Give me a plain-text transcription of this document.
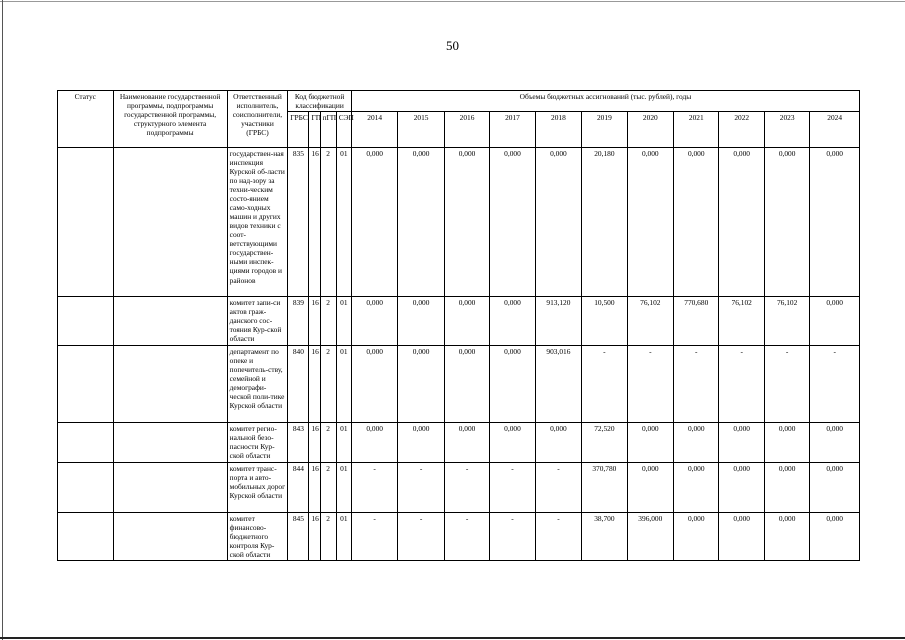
50
Статус	Наименование государственной программы, подпрограммы государственной программы, структурного элемента подпрограммы	Ответственный исполнитель, соисполнители, участники (ГРБС)	Код бюджетной классификации				Объемы бюджетных ассигнований (тыс. рублей), годы										
			ГРБС	ГП	пГП	СЭП	2014	2015	2016	2017	2018	2019	2020	2021	2022	2023	2024
		государствен-ная инспекция Курской об-ласти по над-зору за техни-ческим состо-янием само-ходных машин и других видов техники с соот-ветствующими государствен-ными инспек-циями городов и районов	835	16	2	01	0,000	0,000	0,000	0,000	0,000	20,180	0,000	0,000	0,000	0,000	0,000
		комитет запи-си актов граж-данского сос-тояния Кур-ской области	839	16	2	01	0,000	0,000	0,000	0,000	913,120	10,500	76,102	770,680	76,102	76,102	0,000
		департамент по опеке и попечитель-ству, семейной и демографи-ческой поли-тике Курской области	840	16	2	01	0,000	0,000	0,000	0,000	903,016	-	-	-	-	-	-
		комитет регио-нальной безо-пасности Кур-ской области	843	16	2	01	0,000	0,000	0,000	0,000	0,000	72,520	0,000	0,000	0,000	0,000	0,000
		комитет транс-порта и авто-мобильных дорог Курской области	844	16	2	01	-	-	-	-	-	370,780	0,000	0,000	0,000	0,000	0,000
		комитет финансово-бюджетного контроля Кур-ской области	845	16	2	01	-	-	-	-	-	38,700	396,000	0,000	0,000	0,000	0,000
